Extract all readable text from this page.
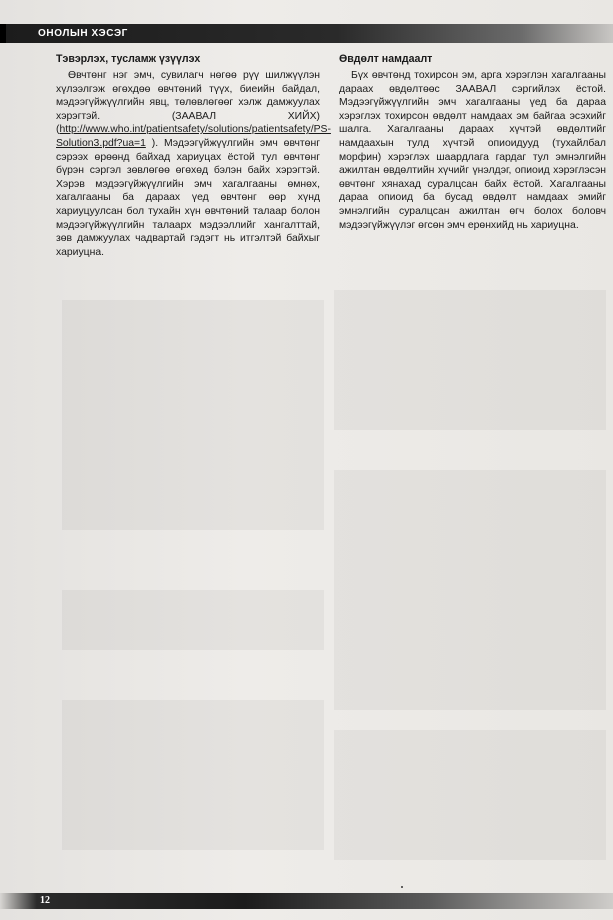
ОНОЛЫН ХЭСЭГ
Тэвэрлэх, тусламж үзүүлэх

Өвчтөнг нэг эмч, сувилагч нөгөө рүү шилжүүлэн хүлээлгэж өгөхдөө өвчтөний түүх, биеийн байдал, мэдээгүйжүүлгийн явц, төлөвлөгөөг хэлж дамжуулах хэрэгтэй. (ЗААВАЛ ХИЙХ) (http://www.who.int/patientsafety/solutions/patientsafety/PS-Solution3.pdf?ua=1 ). Мэдээгүйжүүлгийн эмч өвчтөнг сэрээх өрөөнд байхад хариуцах ёстой тул өвчтөнг бүрэн сэргэл зөвлөгөө өгөхөд бэлэн байх хэрэгтэй. Хэрэв мэдээгүйжүүлгийн эмч хагалгааны өмнөх, хагалгааны ба дараах үед өвчтөнг өөр хүнд хариуцуулсан бол тухайн хүн өвчтөний талаар болон мэдээгүйжүүлгийн талаарх мэдээллийг хангалттай, зөв дамжуулах чадвартай гэдэгт нь итгэлтэй байхыг хариуцна.

Өвдөлт намдаалт

Бүх өвчтөнд тохирсон эм, арга хэрэглэн хагалгааны дараах өвдөлтөөс ЗААВАЛ сэргийлэх ёстой. Мэдээгүйжүүлгийн эмч хагалгааны үед ба дараа хэрэглэх тохирсон өвдөлт намдаах эм байгаа эсэхийг шалга. Хагалгааны дараах хүчтэй өвдөлтийг намдаахын тулд хүчтэй опиоидууд (тухайлбал морфин) хэрэглэх шаардлага гардаг тул эмнэлгийн ажилтан өвдөлтийн хүчийг үнэлдэг, опиоид хэрэглэсэн өвчтөнг хянахад суралцсан байх ёстой. Хагалгааны дараа опиоид ба бусад өвдөлт намдаах эмийг эмнэлгийн суралцсан ажилтан өгч болох боловч мэдээгүйжүүлэг өгсөн эмч ерөнхийд нь хариуцна.

12
